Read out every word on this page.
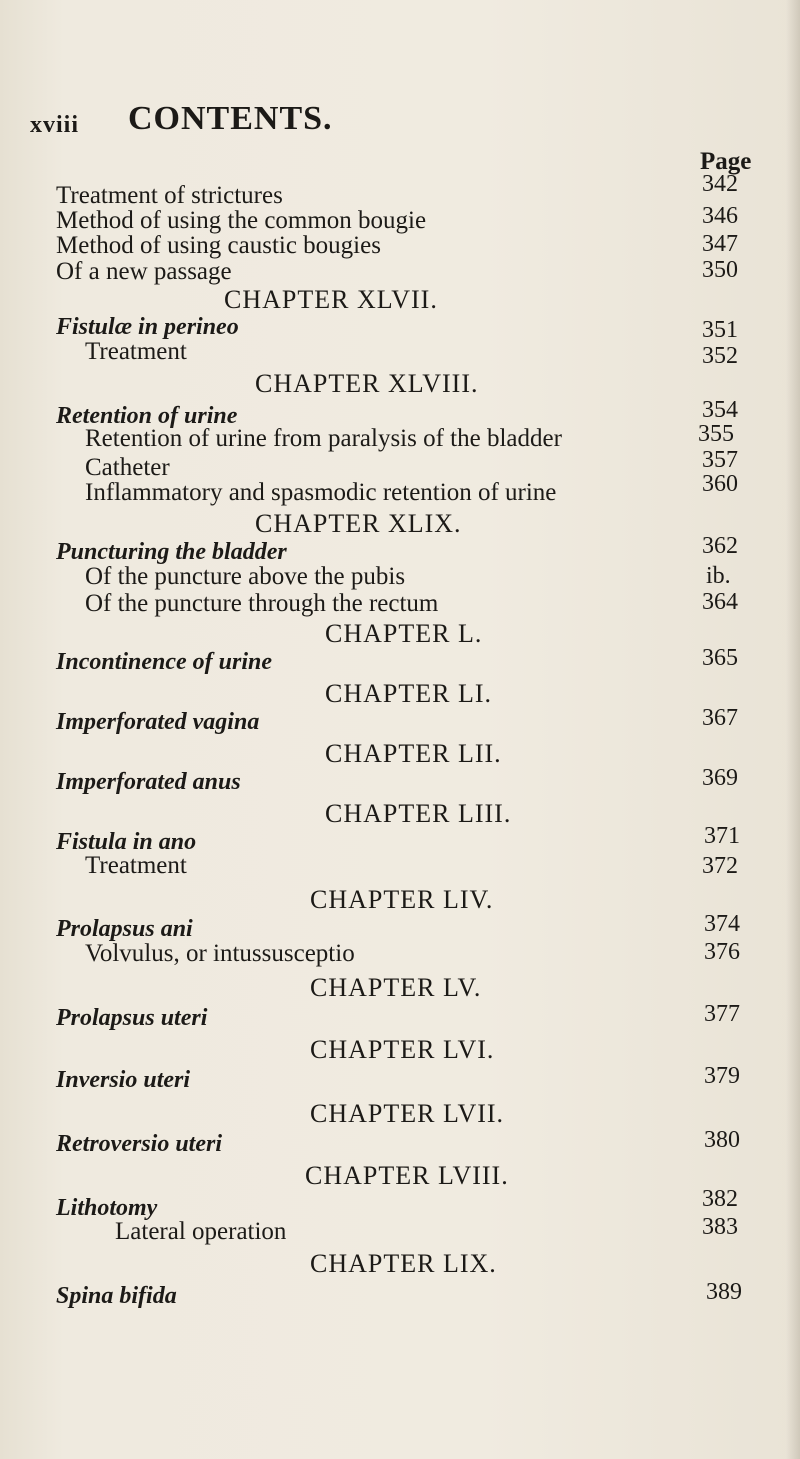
xviii CONTENTS.
Page
Treatment of strictures	342
Method of using the common bougie	346
Method of using caustic bougies	347
Of a new passage	350
CHAPTER XLVII.
Fistulæ in perineo	351
Treatment	352
CHAPTER XLVIII.
Retention of urine	354
Retention of urine from paralysis of the bladder	355
Catheter	357
Inflammatory and spasmodic retention of urine	360
CHAPTER XLIX.
Puncturing the bladder	362
Of the puncture above the pubis	ib.
Of the puncture through the rectum	364
CHAPTER L.
Incontinence of urine	365
CHAPTER LI.
Imperforated vagina	367
CHAPTER LII.
Imperforated anus	369
CHAPTER LIII.
Fistula in ano	371
Treatment	372
CHAPTER LIV.
Prolapsus ani	374
Volvulus, or intussusceptio	376
CHAPTER LV.
Prolapsus uteri	377
CHAPTER LVI.
Inversio uteri	379
CHAPTER LVII.
Retroversio uteri	380
CHAPTER LVIII.
Lithotomy	382
Lateral operation	383
CHAPTER LIX.
Spina bifida	389
